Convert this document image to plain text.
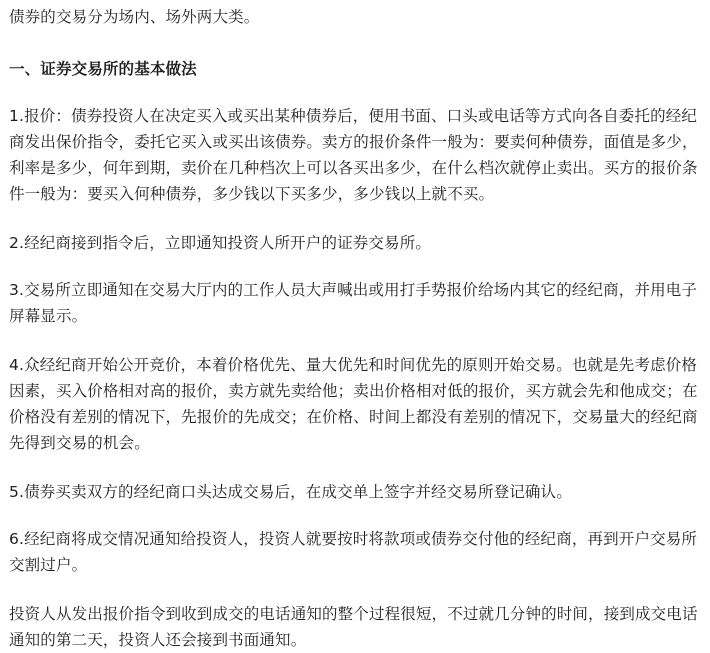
债券的交易分为场内、场外两大类。

一、证券交易所的基本做法

1.报价：债券投资人在决定买入或买出某种债券后，便用书面、口头或电话等方式向各自委托的经纪商发出保价指令，委托它买入或买出该债券。卖方的报价条件一般为：要卖何种债券，面值是多少，利率是多少，何年到期，卖价在几种档次上可以各买出多少，在什么档次就停止卖出。买方的报价条件一般为：要买入何种债券，多少钱以下买多少，多少钱以上就不买。

2.经纪商接到指令后，立即通知投资人所开户的证券交易所。

3.交易所立即通知在交易大厅内的工作人员大声喊出或用打手势报价给场内其它的经纪商，并用电子屏幕显示。

4.众经纪商开始公开竞价，本着价格优先、量大优先和时间优先的原则开始交易。也就是先考虑价格因素，买入价格相对高的报价，卖方就先卖给他；卖出价格相对低的报价，买方就会先和他成交；在价格没有差别的情况下，先报价的先成交；在价格、时间上都没有差别的情况下，交易量大的经纪商先得到交易的机会。

5.债券买卖双方的经纪商口头达成交易后，在成交单上签字并经交易所登记确认。

6.经纪商将成交情况通知给投资人，投资人就要按时将款项或债券交付他的经纪商，再到开户交易所交割过户。

投资人从发出报价指令到收到成交的电话通知的整个过程很短，不过就几分钟的时间，接到成交电话通知的第二天，投资人还会接到书面通知。
